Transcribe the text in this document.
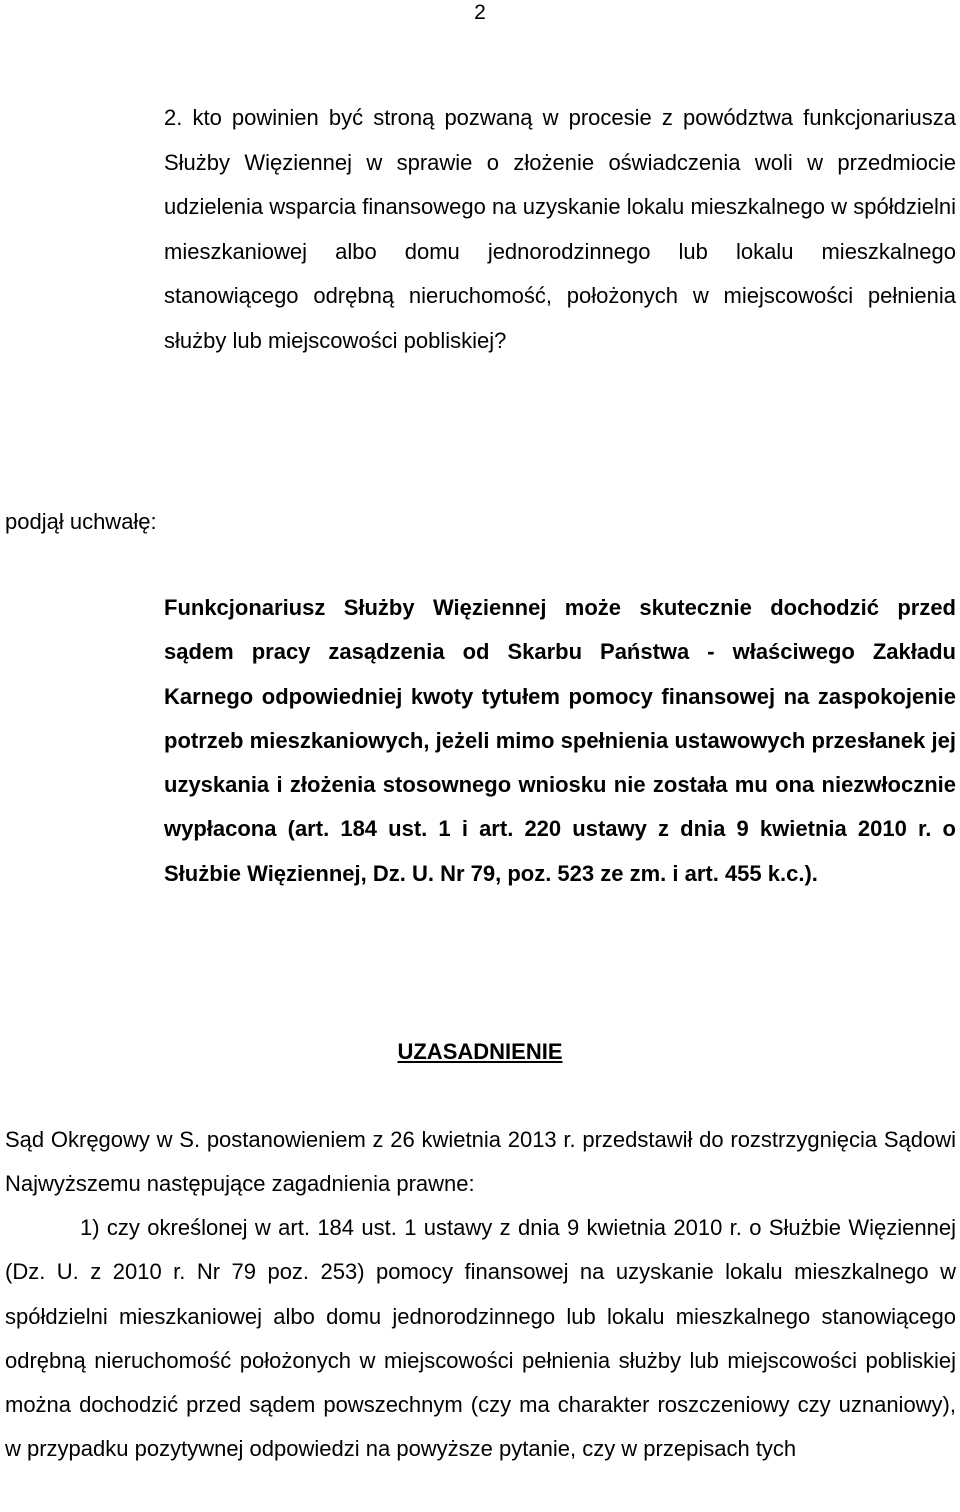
2

2. kto powinien być stroną pozwaną w procesie z powództwa funkcjonariusza Służby Więziennej w sprawie o złożenie oświadczenia woli w przedmiocie udzielenia wsparcia finansowego na uzyskanie lokalu mieszkalnego w spółdzielni mieszkaniowej albo domu jednorodzinnego lub lokalu mieszkalnego stanowiącego odrębną nieruchomość, położonych w miejscowości pełnienia służby lub miejscowości pobliskiej?

podjął uchwałę:

Funkcjonariusz Służby Więziennej może skutecznie dochodzić przed sądem pracy zasądzenia od Skarbu Państwa - właściwego Zakładu Karnego odpowiedniej kwoty tytułem pomocy finansowej na zaspokojenie potrzeb mieszkaniowych, jeżeli mimo spełnienia ustawowych przesłanek jej uzyskania i złożenia stosownego wniosku nie została mu ona niezwłocznie wypłacona (art. 184 ust. 1 i art. 220 ustawy z dnia 9 kwietnia 2010 r. o Służbie Więziennej, Dz. U. Nr 79, poz. 523 ze zm. i art. 455 k.c.).

UZASADNIENIE

Sąd Okręgowy w S. postanowieniem z 26 kwietnia 2013 r. przedstawił do rozstrzygnięcia Sądowi Najwyższemu następujące zagadnienia prawne:

1) czy określonej w art. 184 ust. 1 ustawy z dnia 9 kwietnia 2010 r. o Służbie Więziennej (Dz. U. z 2010 r. Nr 79 poz. 253) pomocy finansowej na uzyskanie lokalu mieszkalnego w spółdzielni mieszkaniowej albo domu jednorodzinnego lub lokalu mieszkalnego stanowiącego odrębną nieruchomość położonych w miejscowości pełnienia służby lub miejscowości pobliskiej można dochodzić przed sądem powszechnym (czy ma charakter roszczeniowy czy uznaniowy), w przypadku pozytywnej odpowiedzi na powyższe pytanie, czy w przepisach tych
